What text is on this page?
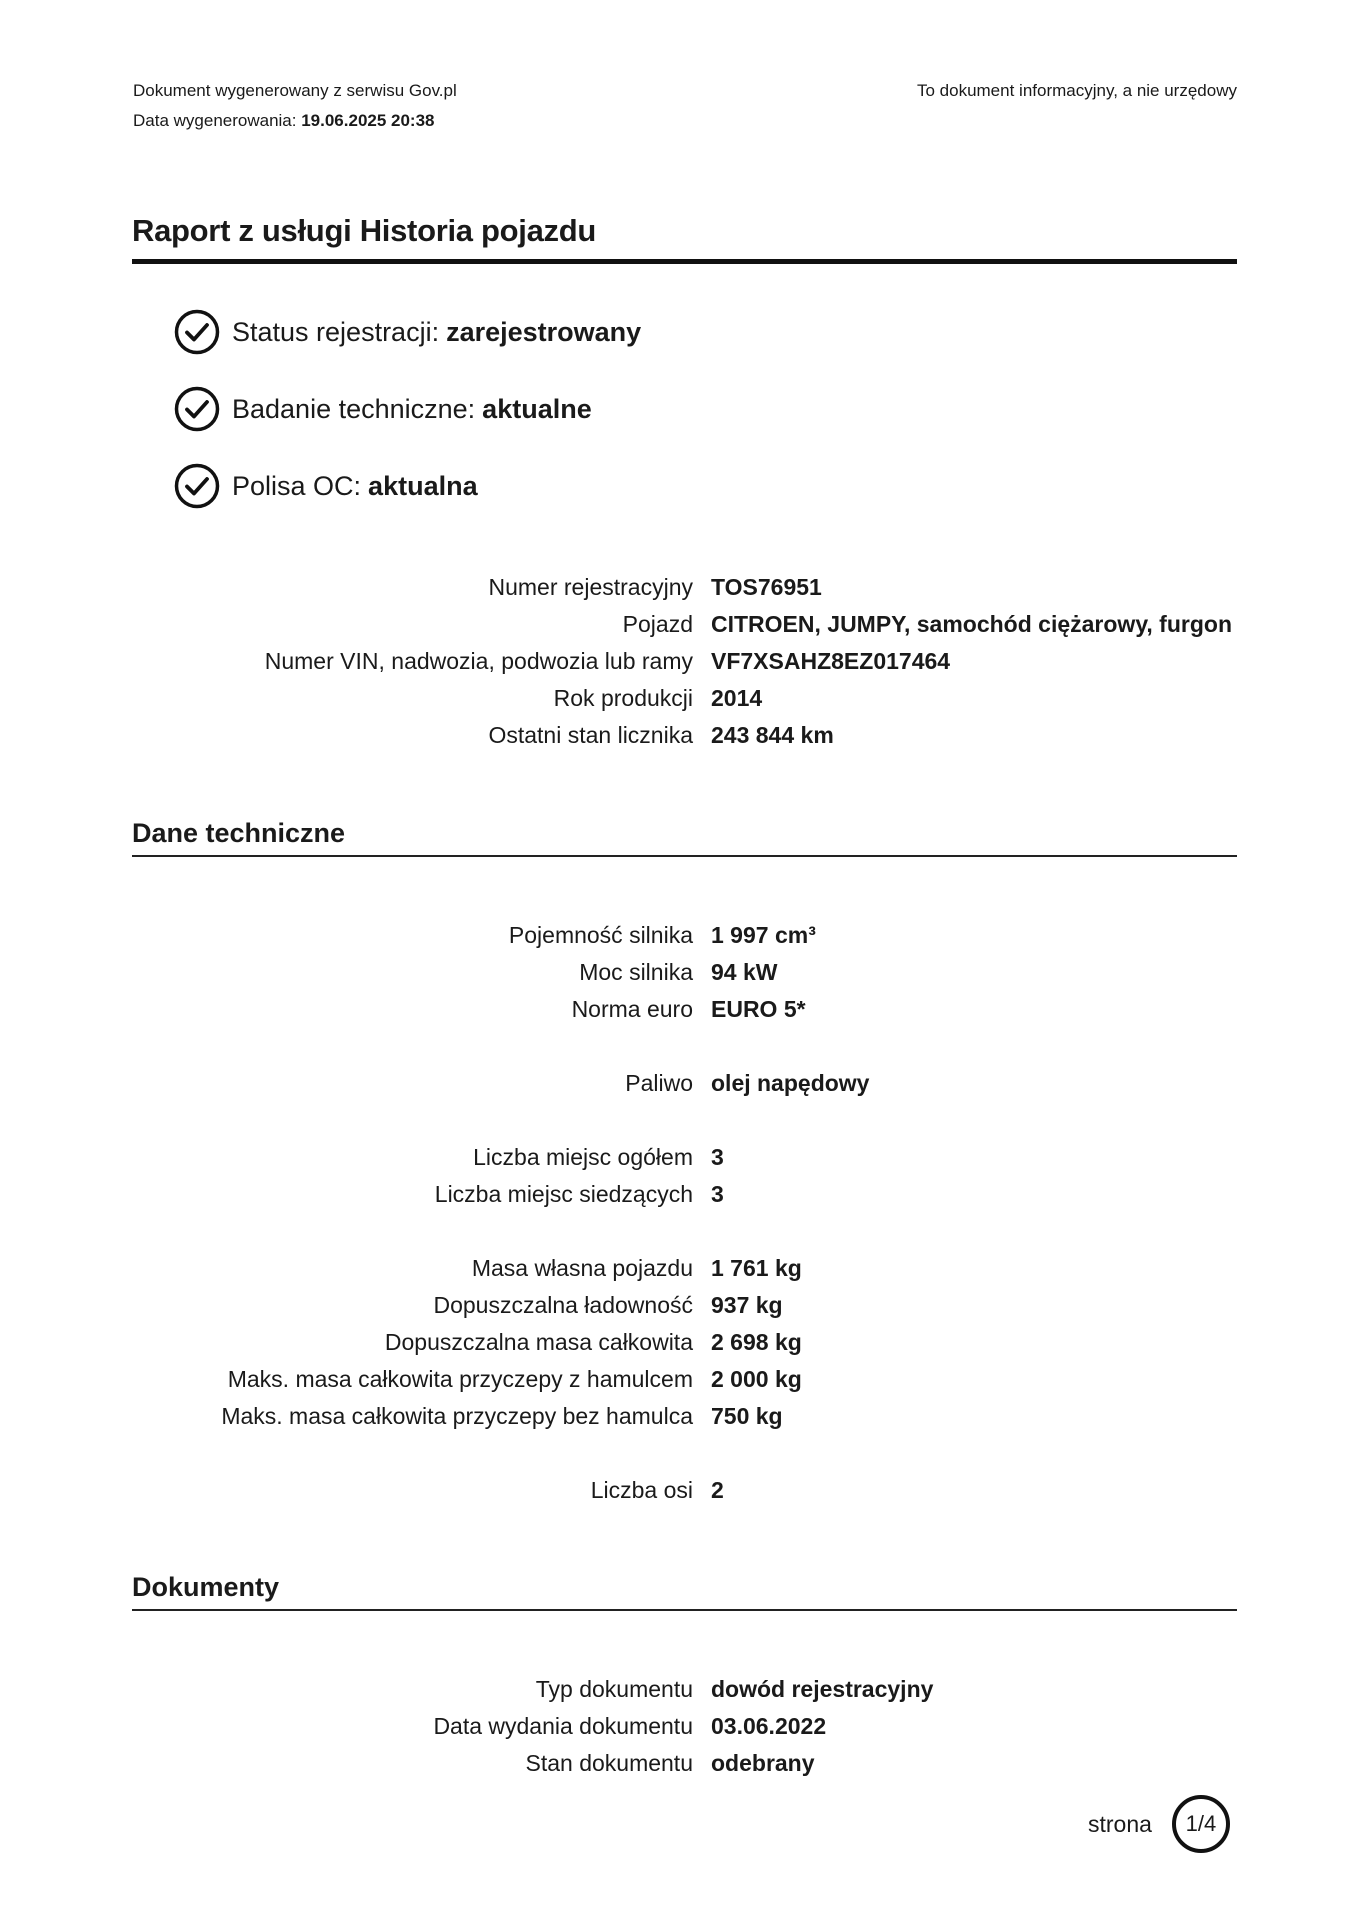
Dokument wygenerowany z serwisu Gov.pl
Data wygenerowania: 19.06.2025 20:38
To dokument informacyjny, a nie urzędowy
Raport z usługi Historia pojazdu
Status rejestracji: zarejestrowany
Badanie techniczne: aktualne
Polisa OC: aktualna
Numer rejestracyjny TOS76951
Pojazd CITROEN, JUMPY, samochód ciężarowy, furgon
Numer VIN, nadwozia, podwozia lub ramy VF7XSAHZ8EZ017464
Rok produkcji 2014
Ostatni stan licznika 243 844 km
Dane techniczne
Pojemność silnika 1 997 cm³
Moc silnika 94 kW
Norma euro EURO 5*
Paliwo olej napędowy
Liczba miejsc ogółem 3
Liczba miejsc siedzących 3
Masa własna pojazdu 1 761 kg
Dopuszczalna ładowność 937 kg
Dopuszczalna masa całkowita 2 698 kg
Maks. masa całkowita przyczepy z hamulcem 2 000 kg
Maks. masa całkowita przyczepy bez hamulca 750 kg
Liczba osi 2
Dokumenty
Typ dokumentu dowód rejestracyjny
Data wydania dokumentu 03.06.2022
Stan dokumentu odebrany
strona	1/4
